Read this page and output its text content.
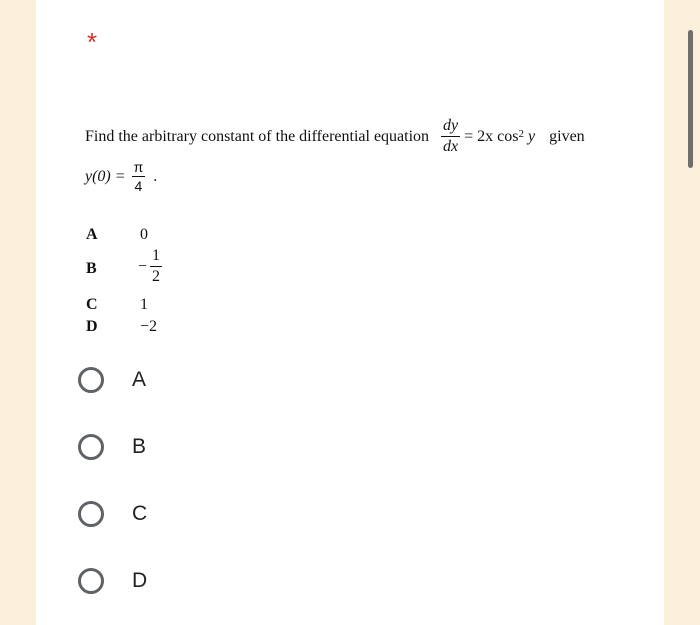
*
Find the arbitrary constant of the differential equation $\frac{dy}{dx} = 2x$ $\cos^2 y$ given
$y(0) = \frac{\pi}{4}$ .
A	0
B	− $\frac{1}{2}$
C	1
D	−2
A
B
C
D
